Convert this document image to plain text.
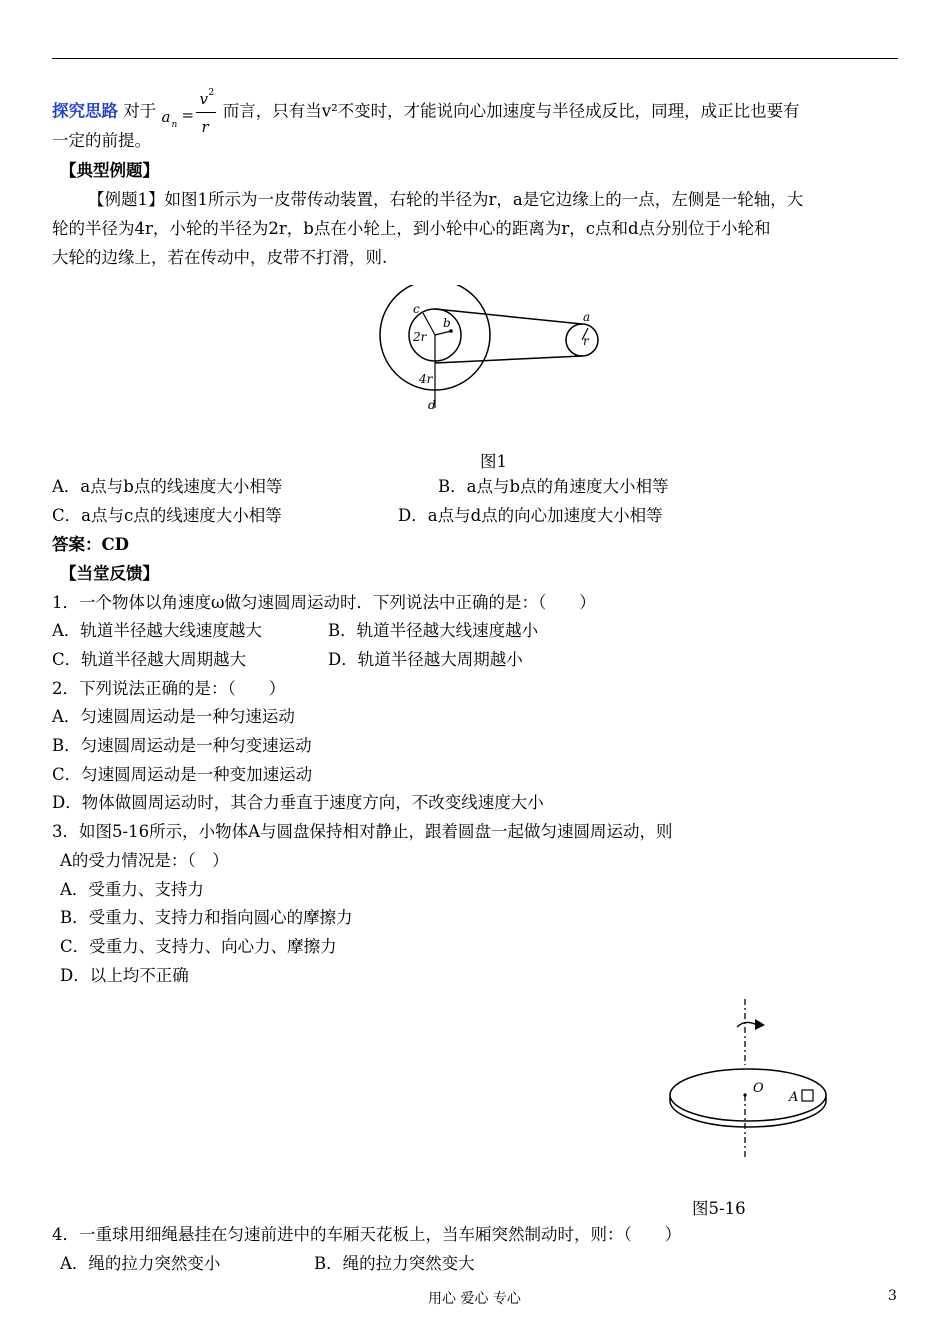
探究思路 对于 a n
=
v 2
r
而言，只有当v²不变时，才能说向心加速度与半径成反比，同理，成正比也要有
一定的前提。
【典型例题】
【例题1】如图1所示为一皮带传动装置，右轮的半径为r，a是它边缘上的一点，左侧是一轮轴，大
轮的半径为4r，小轮的半径为2r，b点在小轮上，到小轮中心的距离为r，c点和d点分别位于小轮和
大轮的边缘上，若在传动中，皮带不打滑，则.
c
2r
b
4r
d
a
r
图1
A．a点与b点的线速度大小相等	B．a点与b点的角速度大小相等
C．a点与c点的线速度大小相等	D．a点与d点的向心加速度大小相等
答案：CD
【当堂反馈】
1．一个物体以角速度ω做匀速圆周运动时．下列说法中正确的是：（　　）
A．轨道半径越大线速度越大	B．轨道半径越大线速度越小
C．轨道半径越大周期越大	D．轨道半径越大周期越小
2．下列说法正确的是：（　　）
A．匀速圆周运动是一种匀速运动
B．匀速圆周运动是一种匀变速运动
C．匀速圆周运动是一种变加速运动
D．物体做圆周运动时，其合力垂直于速度方向，不改变线速度大小
3．如图5-16所示，小物体A与圆盘保持相对静止，跟着圆盘一起做匀速圆周运动，则
A的受力情况是：（　）
A．受重力、支持力
B．受重力、支持力和指向圆心的摩擦力
C．受重力、支持力、向心力、摩擦力
D．以上均不正确
O
A
图5-16
4．一重球用细绳悬挂在匀速前进中的车厢天花板上，当车厢突然制动时，则：（　　）
A．绳的拉力突然变小	B．绳的拉力突然变大
用心 爱心 专心	3
